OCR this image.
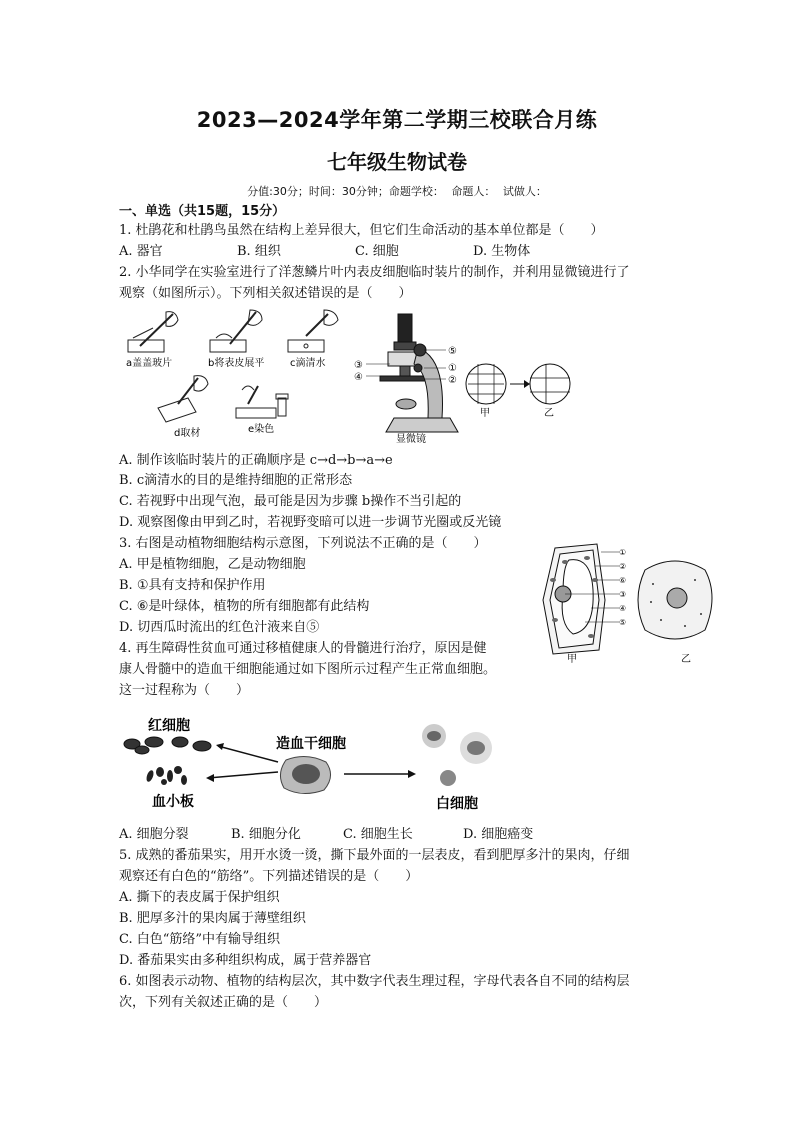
2023—2024学年第二学期三校联合月练
七年级生物试卷
分值:30分；时间：30分钟；命题学校： 命题人： 试做人：
一、单选（共15题，15分）
1. 杜鹃花和杜鹃鸟虽然在结构上差异很大，但它们生命活动的基本单位都是（　　）
A. 器官	B. 组织	C. 细胞	D. 生物体
2. 小华同学在实验室进行了洋葱鳞片叶内表皮细胞临时装片的制作，并利用显微镜进行了
观察（如图所示）。下列相关叙述错误的是（　　）
a盖盖玻片	b将表皮展平	c滴清水
d取材	e染色
⑤
①
②
③
④
显微镜
甲	乙
A. 制作该临时装片的正确顺序是 c→d→b→a→e
B. c滴清水的目的是维持细胞的正常形态
C. 若视野中出现气泡，最可能是因为步骤 b操作不当引起的
D. 观察图像由甲到乙时，若视野变暗可以进一步调节光圈或反光镜
3. 右图是动植物细胞结构示意图，下列说法不正确的是（　　）
A. 甲是植物细胞，乙是动物细胞
B. ①具有支持和保护作用
C. ⑥是叶绿体，植物的所有细胞都有此结构
D. 切西瓜时流出的红色汁液来自⑤
①
②
⑥
③
④
⑤
甲	乙
4. 再生障碍性贫血可通过移植健康人的骨髓进行治疗，原因是健
康人骨髓中的造血干细胞能通过如下图所示过程产生正常血细胞。
这一过程称为（　　）
红细胞
血小板
造血干细胞
白细胞
A. 细胞分裂	B. 细胞分化	C. 细胞生长	D. 细胞癌变
5. 成熟的番茄果实，用开水烫一烫，撕下最外面的一层表皮，看到肥厚多汁的果肉，仔细
观察还有白色的“筋络”。下列描述错误的是（　　）
A. 撕下的表皮属于保护组织
B. 肥厚多汁的果肉属于薄壁组织
C. 白色“筋络”中有输导组织
D. 番茄果实由多种组织构成，属于营养器官
6. 如图表示动物、植物的结构层次，其中数字代表生理过程，字母代表各自不同的结构层
次，下列有关叙述正确的是（　　）
